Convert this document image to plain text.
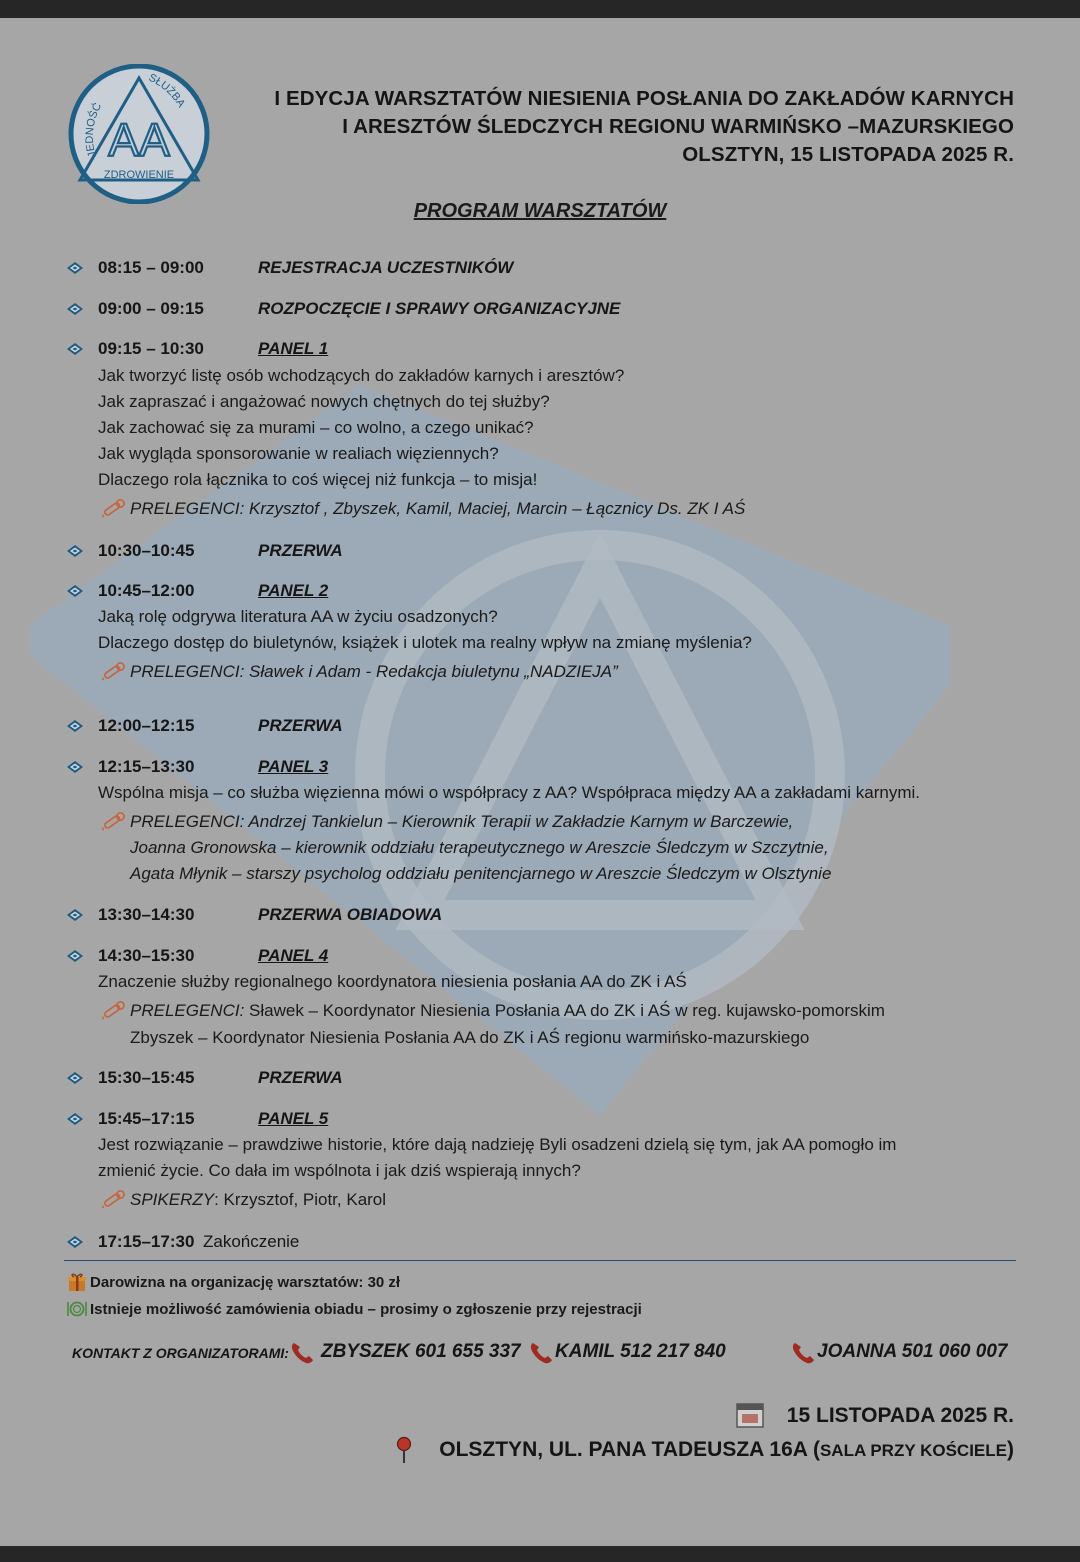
JEDNOŚĆ
SŁUŻBA
AA
ZDROWIENIE
I EDYCJA WARSZTATÓW NIESIENIA POSŁANIA DO ZAKŁADÓW KARNYCH
I ARESZTÓW ŚLEDCZYCH REGIONU WARMIŃSKO –MAZURSKIEGO
OLSZTYN, 15 LISTOPADA 2025 R.
PROGRAM WARSZTATÓW
08:15 – 09:00	REJESTRACJA UCZESTNIKÓW
09:00 – 09:15	ROZPOCZĘCIE I SPRAWY ORGANIZACYJNE
09:15 – 10:30	PANEL 1
Jak tworzyć listę osób wchodzących do zakładów karnych i aresztów?
Jak zapraszać i angażować nowych chętnych do tej służby?
Jak zachować się za murami – co wolno, a czego unikać?
Jak wygląda sponsorowanie w realiach więziennych?
Dlaczego rola łącznika to coś więcej niż funkcja – to misja!
PRELEGENCI: Krzysztof , Zbyszek, Kamil, Maciej, Marcin – Łącznicy Ds. ZK I AŚ
10:30–10:45	PRZERWA
10:45–12:00	PANEL 2
Jaką rolę odgrywa literatura AA w życiu osadzonych?
Dlaczego dostęp do biuletynów, książek i ulotek ma realny wpływ na zmianę myślenia?
PRELEGENCI: Sławek i Adam - Redakcja biuletynu „NADZIEJA”
12:00–12:15	PRZERWA
12:15–13:30	PANEL 3
Wspólna misja – co służba więzienna mówi o współpracy z AA? Współpraca między AA a zakładami karnymi.
PRELEGENCI: Andrzej Tankielun – Kierownik Terapii w Zakładzie Karnym w Barczewie,
Joanna Gronowska – kierownik oddziału terapeutycznego w Areszcie Śledczym w Szczytnie,
Agata Młynik – starszy psycholog oddziału penitencjarnego w Areszcie Śledczym w Olsztynie
13:30–14:30	PRZERWA OBIADOWA
14:30–15:30	PANEL 4
Znaczenie służby regionalnego koordynatora niesienia posłania AA do ZK i AŚ
PRELEGENCI: Sławek – Koordynator Niesienia Posłania AA do ZK i AŚ w reg. kujawsko-pomorskim
Zbyszek – Koordynator Niesienia Posłania AA do ZK i AŚ regionu warmińsko-mazurskiego
15:30–15:45	PRZERWA
15:45–17:15	PANEL 5
Jest rozwiązanie – prawdziwe historie, które dają nadzieję Byli osadzeni dzielą się tym, jak AA pomogło im
zmienić życie. Co dała im wspólnota i jak dziś wspierają innych?
SPIKERZY: Krzysztof, Piotr, Karol
17:15–17:30 Zakończenie
Darowizna na organizację warsztatów: 30 zł
Istnieje możliwość zamówienia obiadu – prosimy o zgłoszenie przy rejestracji
KONTAKT Z ORGANIZATORAMI: ZBYSZEK 601 655 337 KAMIL 512 217 840	JOANNA 501 060 007
15 LISTOPADA 2025 R.
OLSZTYN, UL. PANA TADEUSZA 16A (SALA PRZY KOŚCIELE)
